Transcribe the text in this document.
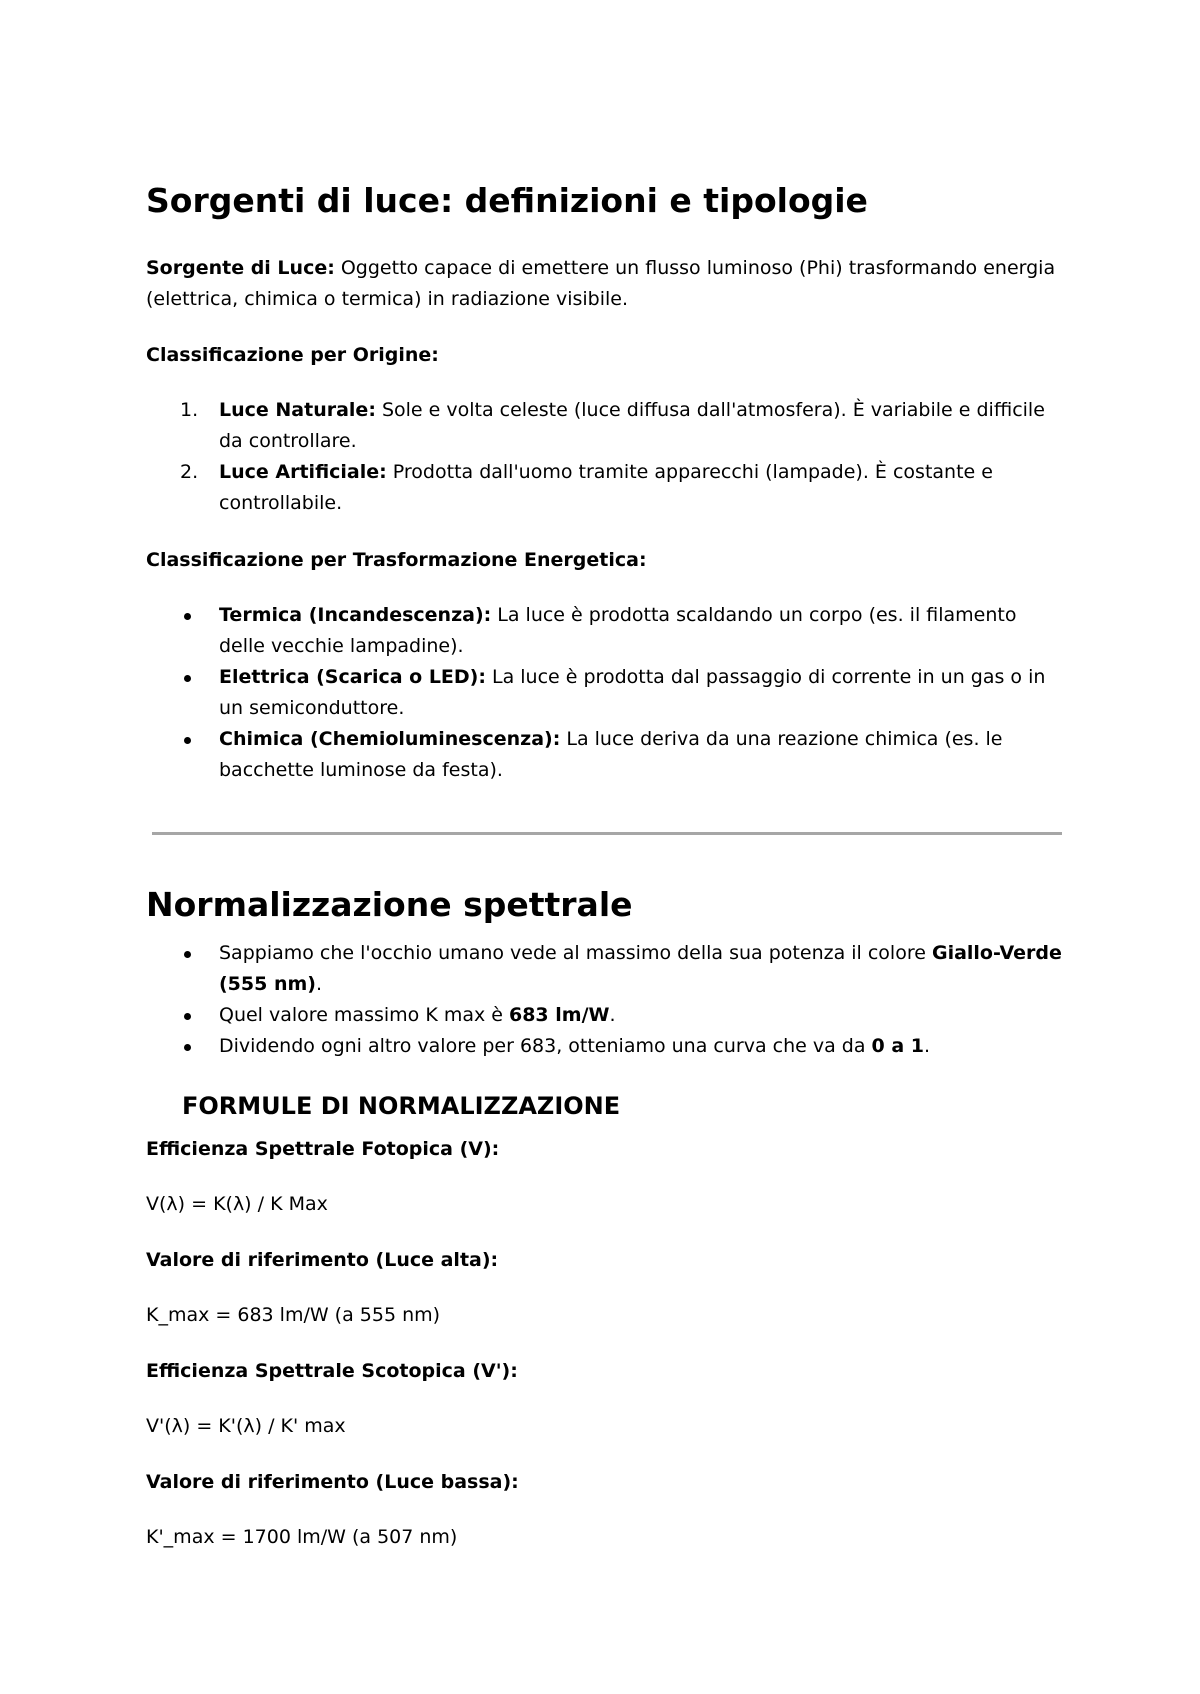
Sorgenti di luce: definizioni e tipologie

Sorgente di Luce: Oggetto capace di emettere un flusso luminoso (Phi) trasformando energia (elettrica, chimica o termica) in radiazione visibile.

Classificazione per Origine:

1. Luce Naturale: Sole e volta celeste (luce diffusa dall'atmosfera). È variabile e difficile da controllare.
2. Luce Artificiale: Prodotta dall'uomo tramite apparecchi (lampade). È costante e controllabile.

Classificazione per Trasformazione Energetica:

Termica (Incandescenza): La luce è prodotta scaldando un corpo (es. il filamento delle vecchie lampadine).
Elettrica (Scarica o LED): La luce è prodotta dal passaggio di corrente in un gas o in un semiconduttore.
Chimica (Chemioluminescenza): La luce deriva da una reazione chimica (es. le bacchette luminose da festa).
Normalizzazione spettrale
Sappiamo che l'occhio umano vede al massimo della sua potenza il colore Giallo-Verde (555 nm).
Quel valore massimo K max è 683 lm/W.
Dividendo ogni altro valore per 683, otteniamo una curva che va da 0 a 1.
FORMULE DI NORMALIZZAZIONE

Efficienza Spettrale Fotopica (V):

V(λ) = K(λ) / K Max

Valore di riferimento (Luce alta):

K_max = 683 lm/W (a 555 nm)

Efficienza Spettrale Scotopica (V'):

V'(λ) = K'(λ) / K' max

Valore di riferimento (Luce bassa):

K'_max = 1700 lm/W (a 507 nm)
